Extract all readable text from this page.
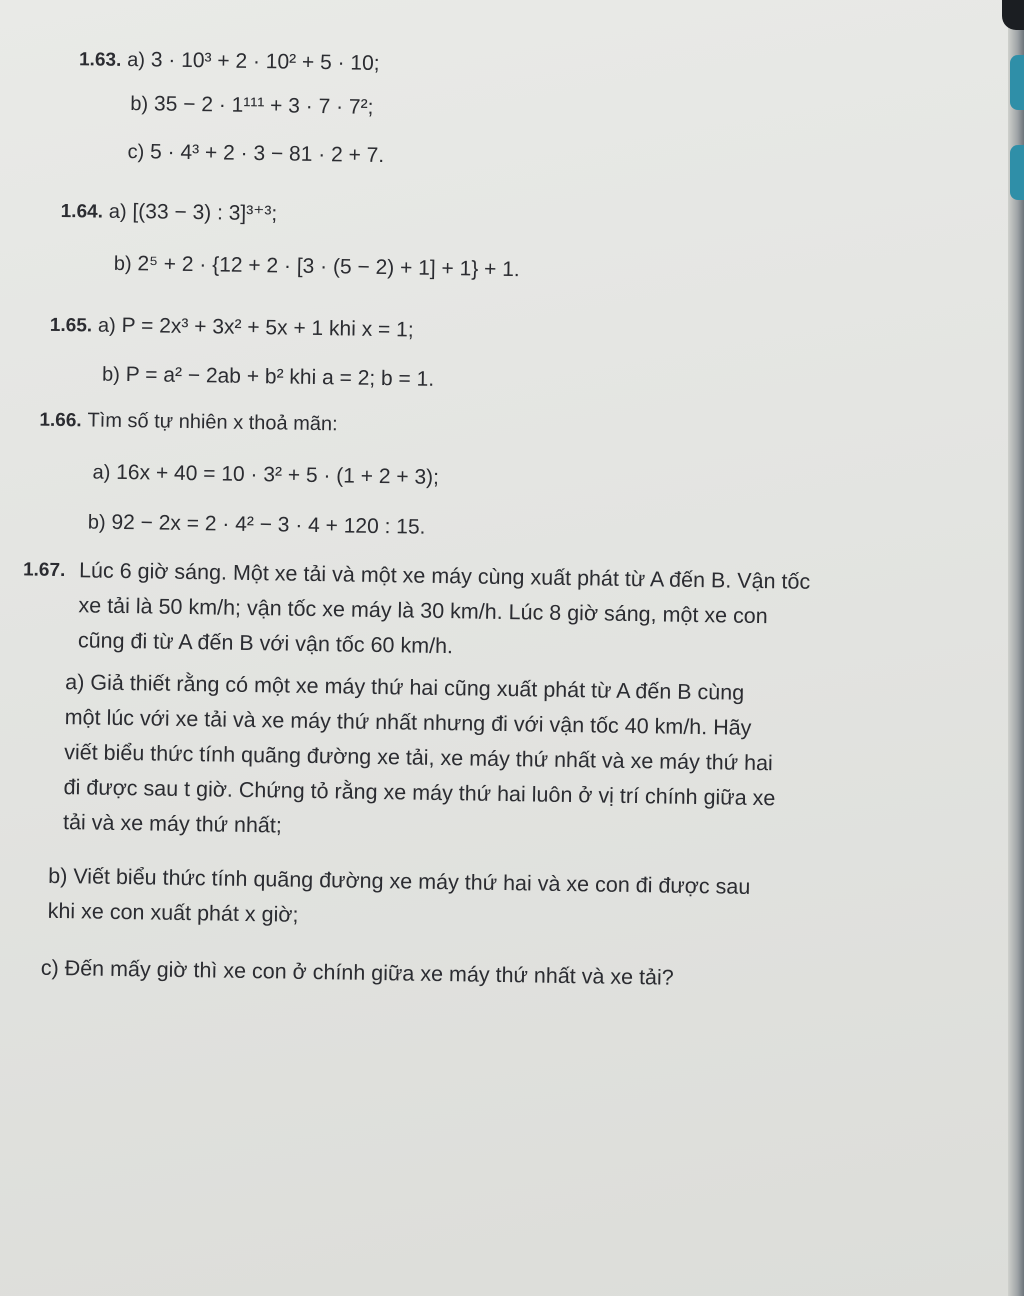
1.63. a) 3 · 10³ + 2 · 10² + 5 · 10;
b) 35 − 2 · 1¹¹¹ + 3 · 7 · 7²;
c) 5 · 4³ + 2 · 3 − 81 · 2 + 7.
1.64. a) [(33 − 3) : 3]³⁺³;
b) 2⁵ + 2 · {12 + 2 · [3 · (5 − 2) + 1] + 1} + 1.
1.65. a) P = 2x³ + 3x² + 5x + 1 khi x = 1;
b) P = a² − 2ab + b² khi a = 2; b = 1.
1.66. Tìm số tự nhiên x thoả mãn:
a) 16x + 40 = 10 · 3² + 5 · (1 + 2 + 3);
b) 92 − 2x = 2 · 4² − 3 · 4 + 120 : 15.
1.67. Lúc 6 giờ sáng. Một xe tải và một xe máy cùng xuất phát từ A đến B. Vận tốc
xe tải là 50 km/h; vận tốc xe máy là 30 km/h. Lúc 8 giờ sáng, một xe con
cũng đi từ A đến B với vận tốc 60 km/h.
a) Giả thiết rằng có một xe máy thứ hai cũng xuất phát từ A đến B cùng
một lúc với xe tải và xe máy thứ nhất nhưng đi với vận tốc 40 km/h. Hãy
viết biểu thức tính quãng đường xe tải, xe máy thứ nhất và xe máy thứ hai
đi được sau t giờ. Chứng tỏ rằng xe máy thứ hai luôn ở vị trí chính giữa xe
tải và xe máy thứ nhất;
b) Viết biểu thức tính quãng đường xe máy thứ hai và xe con đi được sau
khi xe con xuất phát x giờ;
c) Đến mấy giờ thì xe con ở chính giữa xe máy thứ nhất và xe tải?
